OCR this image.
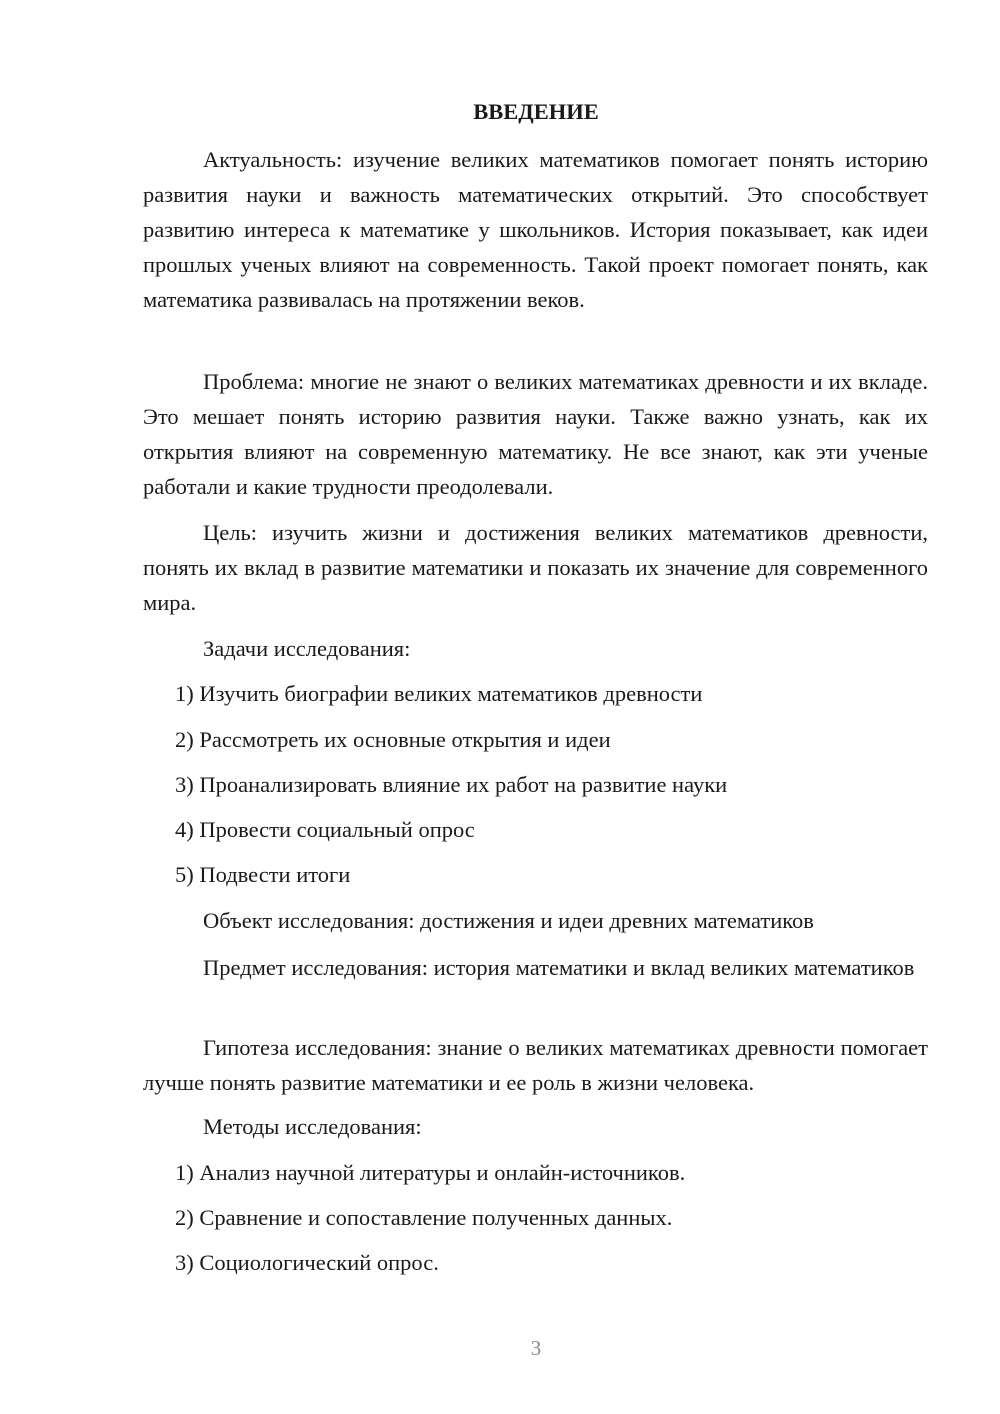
ВВЕДЕНИЕ

Актуальность: изучение великих математиков помогает понять историю развития науки и важность математических открытий. Это способствует развитию интереса к математике у школьников. История показывает, как идеи прошлых ученых влияют на современность. Такой проект помогает понять, как математика развивалась на протяжении веков.

Проблема: многие не знают о великих математиках древности и их вкладе. Это мешает понять историю развития науки. Также важно узнать, как их открытия влияют на современную математику. Не все знают, как эти ученые работали и какие трудности преодолевали.

Цель: изучить жизни и достижения великих математиков древности, понять их вклад в развитие математики и показать их значение для современного мира.

Задачи исследования:

1) Изучить биографии великих математиков древности

2) Рассмотреть их основные открытия и идеи

3) Проанализировать влияние их работ на развитие науки

4) Провести социальный опрос

5) Подвести итоги

Объект исследования: достижения и идеи древних математиков

Предмет исследования: история математики и вклад великих математиков

Гипотеза исследования: знание о великих математиках древности помогает лучше понять развитие математики и ее роль в жизни человека.

Методы исследования:

1) Анализ научной литературы и онлайн-источников.

2) Сравнение и сопоставление полученных данных.

3) Социологический опрос.

3
